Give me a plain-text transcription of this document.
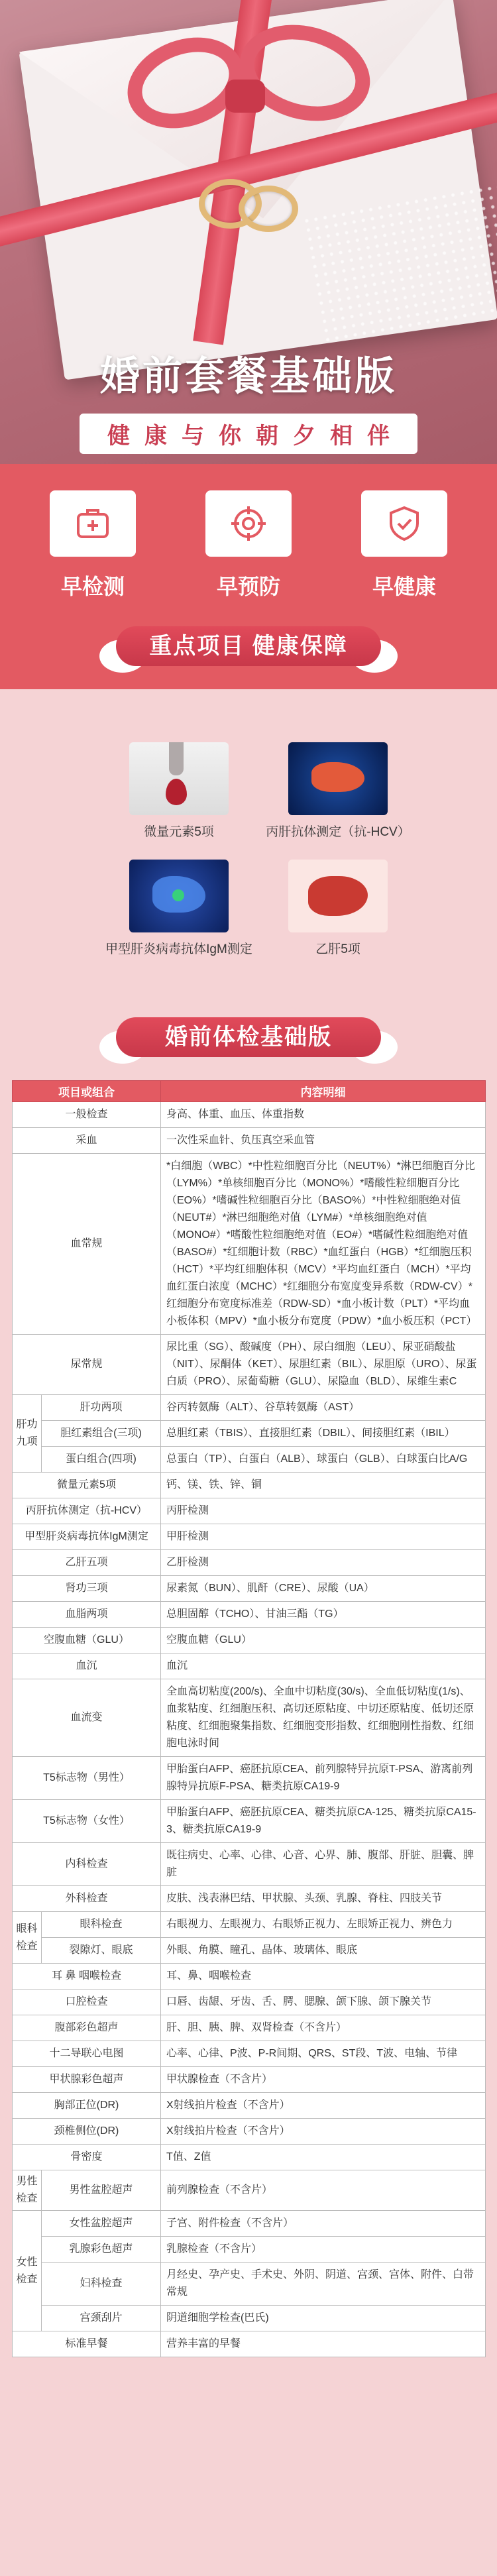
婚前套餐基础版
健康与你朝夕相伴
早检测	早预防	早健康
重点项目 健康保障
微量元素5项	丙肝抗体测定（抗-HCV）
甲型肝炎病毒抗体IgM测定	乙肝5项
婚前体检基础版
项目或组合		内容明细
一般检查		身高、体重、血压、体重指数
采血		一次性采血针、负压真空采血管
血常规		*白细胞（WBC）*中性粒细胞百分比（NEUT%）*淋巴细胞百分比（LYM%）*单核细胞百分比（MONO%）*嗜酸性粒细胞百分比（EO%）*嗜碱性粒细胞百分比（BASO%）*中性粒细胞绝对值（NEUT#）*淋巴细胞绝对值（LYM#）*单核细胞绝对值（MONO#）*嗜酸性粒细胞绝对值（EO#）*嗜碱性粒细胞绝对值（BASO#）*红细胞计数（RBC）*血红蛋白（HGB）*红细胞压积（HCT）*平均红细胞体积（MCV）*平均血红蛋白（MCH）*平均血红蛋白浓度（MCHC）*红细胞分布宽度变异系数（RDW-CV）*红细胞分布宽度标准差（RDW-SD）*血小板计数（PLT）*平均血小板体积（MPV）*血小板分布宽度（PDW）*血小板压积（PCT）
尿常规		尿比重（SG）、酸碱度（PH）、尿白细胞（LEU）、尿亚硝酸盐（NIT）、尿酮体（KET）、尿胆红素（BIL）、尿胆原（URO）、尿蛋白质（PRO）、尿葡萄糖（GLU）、尿隐血（BLD）、尿维生素C
肝功九项	肝功两项	谷丙转氨酶（ALT）、谷草转氨酶（AST）
	胆红素组合(三项)	总胆红素（TBIS）、直接胆红素（DBIL）、间接胆红素（IBIL）
	蛋白组合(四项)	总蛋白（TP）、白蛋白（ALB）、球蛋白（GLB）、白球蛋白比A/G
微量元素5项		钙、镁、铁、锌、铜
丙肝抗体测定（抗-HCV）		丙肝检测
甲型肝炎病毒抗体IgM测定		甲肝检测
乙肝五项		乙肝检测
肾功三项		尿素氮（BUN）、肌酐（CRE）、尿酸（UA）
血脂两项		总胆固醇（TCHO）、甘油三酯（TG）
空腹血糖（GLU）		空腹血糖（GLU）
血沉		血沉
血流变		全血高切粘度(200/s)、全血中切粘度(30/s)、全血低切粘度(1/s)、血浆粘度、红细胞压积、高切还原粘度、中切还原粘度、低切还原粘度、红细胞聚集指数、红细胞变形指数、红细胞刚性指数、红细胞电泳时间
T5标志物（男性）		甲胎蛋白AFP、癌胚抗原CEA、前列腺特异抗原T-PSA、游离前列腺特异抗原F-PSA、糖类抗原CA19-9
T5标志物（女性）		甲胎蛋白AFP、癌胚抗原CEA、糖类抗原CA-125、糖类抗原CA15-3、糖类抗原CA19-9
内科检查		既往病史、心率、心律、心音、心界、肺、腹部、肝脏、胆囊、脾脏
外科检查		皮肤、浅表淋巴结、甲状腺、头颈、乳腺、脊柱、四肢关节
眼科检查	眼科检查	右眼视力、左眼视力、右眼矫正视力、左眼矫正视力、辨色力
	裂隙灯、眼底	外眼、角膜、瞳孔、晶体、玻璃体、眼底
耳 鼻 咽喉检查		耳、鼻、咽喉检查
口腔检查		口唇、齿龈、牙齿、舌、腭、腮腺、颌下腺、颌下腺关节
腹部彩色超声		肝、胆、胰、脾、双肾检查（不含片）
十二导联心电图		心率、心律、P波、P-R间期、QRS、ST段、T波、电轴、节律
甲状腺彩色超声		甲状腺检查（不含片）
胸部正位(DR)		X射线拍片检查（不含片）
颈椎侧位(DR)		X射线拍片检查（不含片）
骨密度		T值、Z值
男性检查	男性盆腔超声	前列腺检查（不含片）
女性检查	女性盆腔超声	子宫、附件检查（不含片）
	乳腺彩色超声	乳腺检查（不含片）
	妇科检查	月经史、孕产史、手术史、外阴、阴道、宫颈、宫体、附件、白带常规
	宫颈刮片	阴道细胞学检查(巴氏)
标准早餐		营养丰富的早餐
